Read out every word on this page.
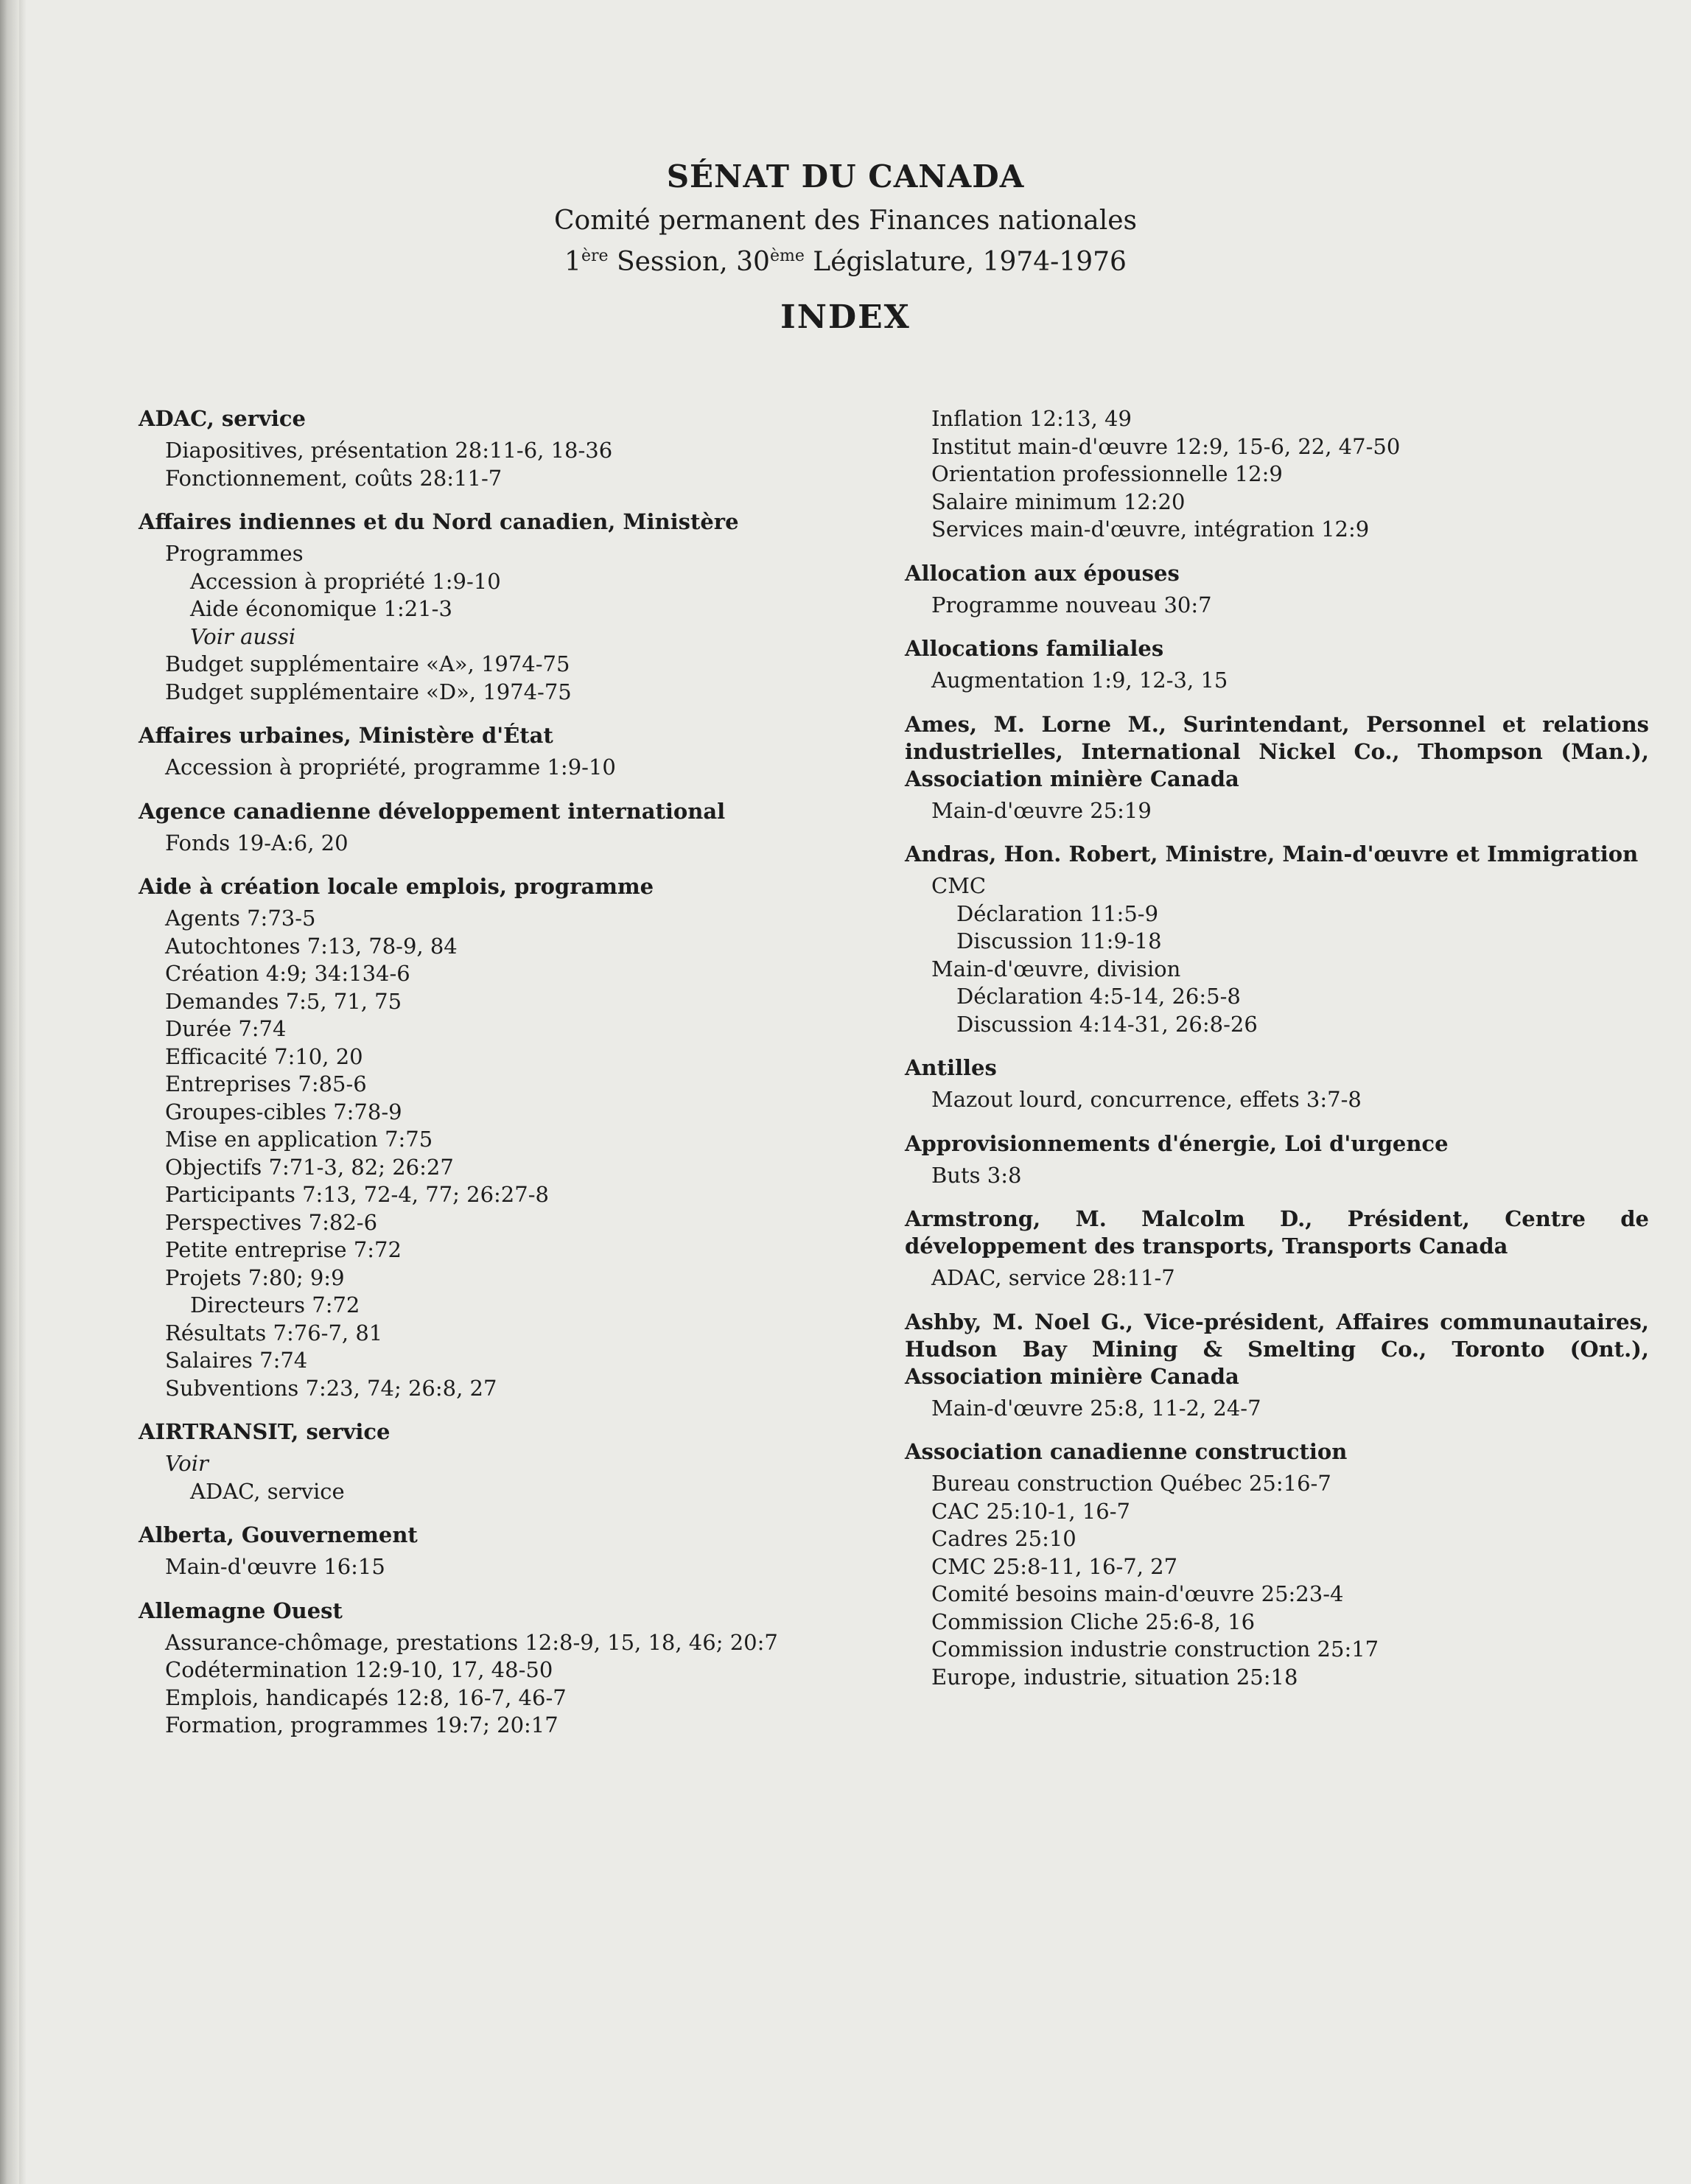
SÉNAT DU CANADA

Comité permanent des Finances nationales

1ère Session, 30ème Législature, 1974-1976

INDEX
ADAC, service
Diapositives, présentation 28:11-6, 18-36
Fonctionnement, coûts 28:11-7
Affaires indiennes et du Nord canadien, Ministère
Programmes
Accession à propriété 1:9-10
Aide économique 1:21-3
Voir aussi
Budget supplémentaire «A», 1974-75
Budget supplémentaire «D», 1974-75
Affaires urbaines, Ministère d'État
Accession à propriété, programme 1:9-10
Agence canadienne développement international
Fonds 19-A:6, 20
Aide à création locale emplois, programme
Agents 7:73-5
Autochtones 7:13, 78-9, 84
Création 4:9; 34:134-6
Demandes 7:5, 71, 75
Durée 7:74
Efficacité 7:10, 20
Entreprises 7:85-6
Groupes-cibles 7:78-9
Mise en application 7:75
Objectifs 7:71-3, 82; 26:27
Participants 7:13, 72-4, 77; 26:27-8
Perspectives 7:82-6
Petite entreprise 7:72
Projets 7:80; 9:9
Directeurs 7:72
Résultats 7:76-7, 81
Salaires 7:74
Subventions 7:23, 74; 26:8, 27
AIRTRANSIT, service
Voir
ADAC, service
Alberta, Gouvernement
Main-d'œuvre 16:15
Allemagne Ouest
Assurance-chômage, prestations 12:8-9, 15, 18, 46; 20:7
Codétermination 12:9-10, 17, 48-50
Emplois, handicapés 12:8, 16-7, 46-7
Formation, programmes 19:7; 20:17
Inflation 12:13, 49
Institut main-d'œuvre 12:9, 15-6, 22, 47-50
Orientation professionnelle 12:9
Salaire minimum 12:20
Services main-d'œuvre, intégration 12:9
Allocation aux épouses
Programme nouveau 30:7
Allocations familiales
Augmentation 1:9, 12-3, 15
Ames, M. Lorne M., Surintendant, Personnel et relations industrielles, International Nickel Co., Thompson (Man.), Association minière Canada
Main-d'œuvre 25:19
Andras, Hon. Robert, Ministre, Main-d'œuvre et Immigration
CMC
Déclaration 11:5-9
Discussion 11:9-18
Main-d'œuvre, division
Déclaration 4:5-14, 26:5-8
Discussion 4:14-31, 26:8-26
Antilles
Mazout lourd, concurrence, effets 3:7-8
Approvisionnements d'énergie, Loi d'urgence
Buts 3:8
Armstrong, M. Malcolm D., Président, Centre de développement des transports, Transports Canada
ADAC, service 28:11-7
Ashby, M. Noel G., Vice-président, Affaires communautaires, Hudson Bay Mining & Smelting Co., Toronto (Ont.), Association minière Canada
Main-d'œuvre 25:8, 11-2, 24-7
Association canadienne construction
Bureau construction Québec 25:16-7
CAC 25:10-1, 16-7
Cadres 25:10
CMC 25:8-11, 16-7, 27
Comité besoins main-d'œuvre 25:23-4
Commission Cliche 25:6-8, 16
Commission industrie construction 25:17
Europe, industrie, situation 25:18
